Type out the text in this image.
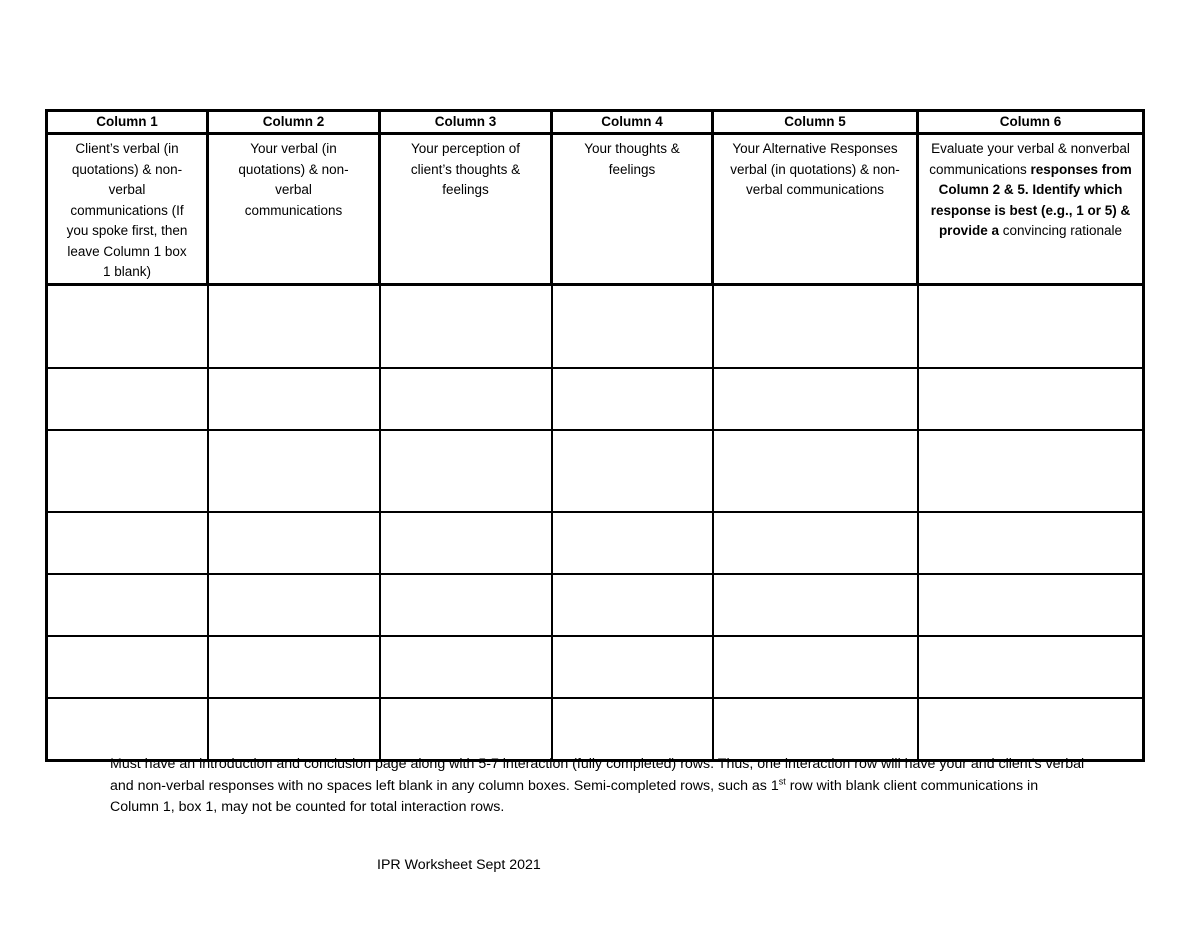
Column 1	Column 2	Column 3	Column 4	Column 5	Column 6

Client’s verbal (in quotations) & non-verbal communications (If you spoke first, then leave Column 1 box 1 blank)	Your verbal (in quotations) & non-verbal communications	Your perception of client’s thoughts & feelings	Your thoughts & feelings	Your Alternative Responses verbal (in quotations) & non-verbal communications	Evaluate your verbal & nonverbal communications responses from Column 2 & 5. Identify which response is best (e.g., 1 or 5) & provide a convincing rationale

Must have an introduction and conclusion page along with 5-7 interaction (fully completed) rows. Thus, one interaction row will have your and client’s verbal and non-verbal responses with no spaces left blank in any column boxes. Semi-completed rows, such as 1st row with blank client communications in Column 1, box 1, may not be counted for total interaction rows.
IPR Worksheet Sept 2021
